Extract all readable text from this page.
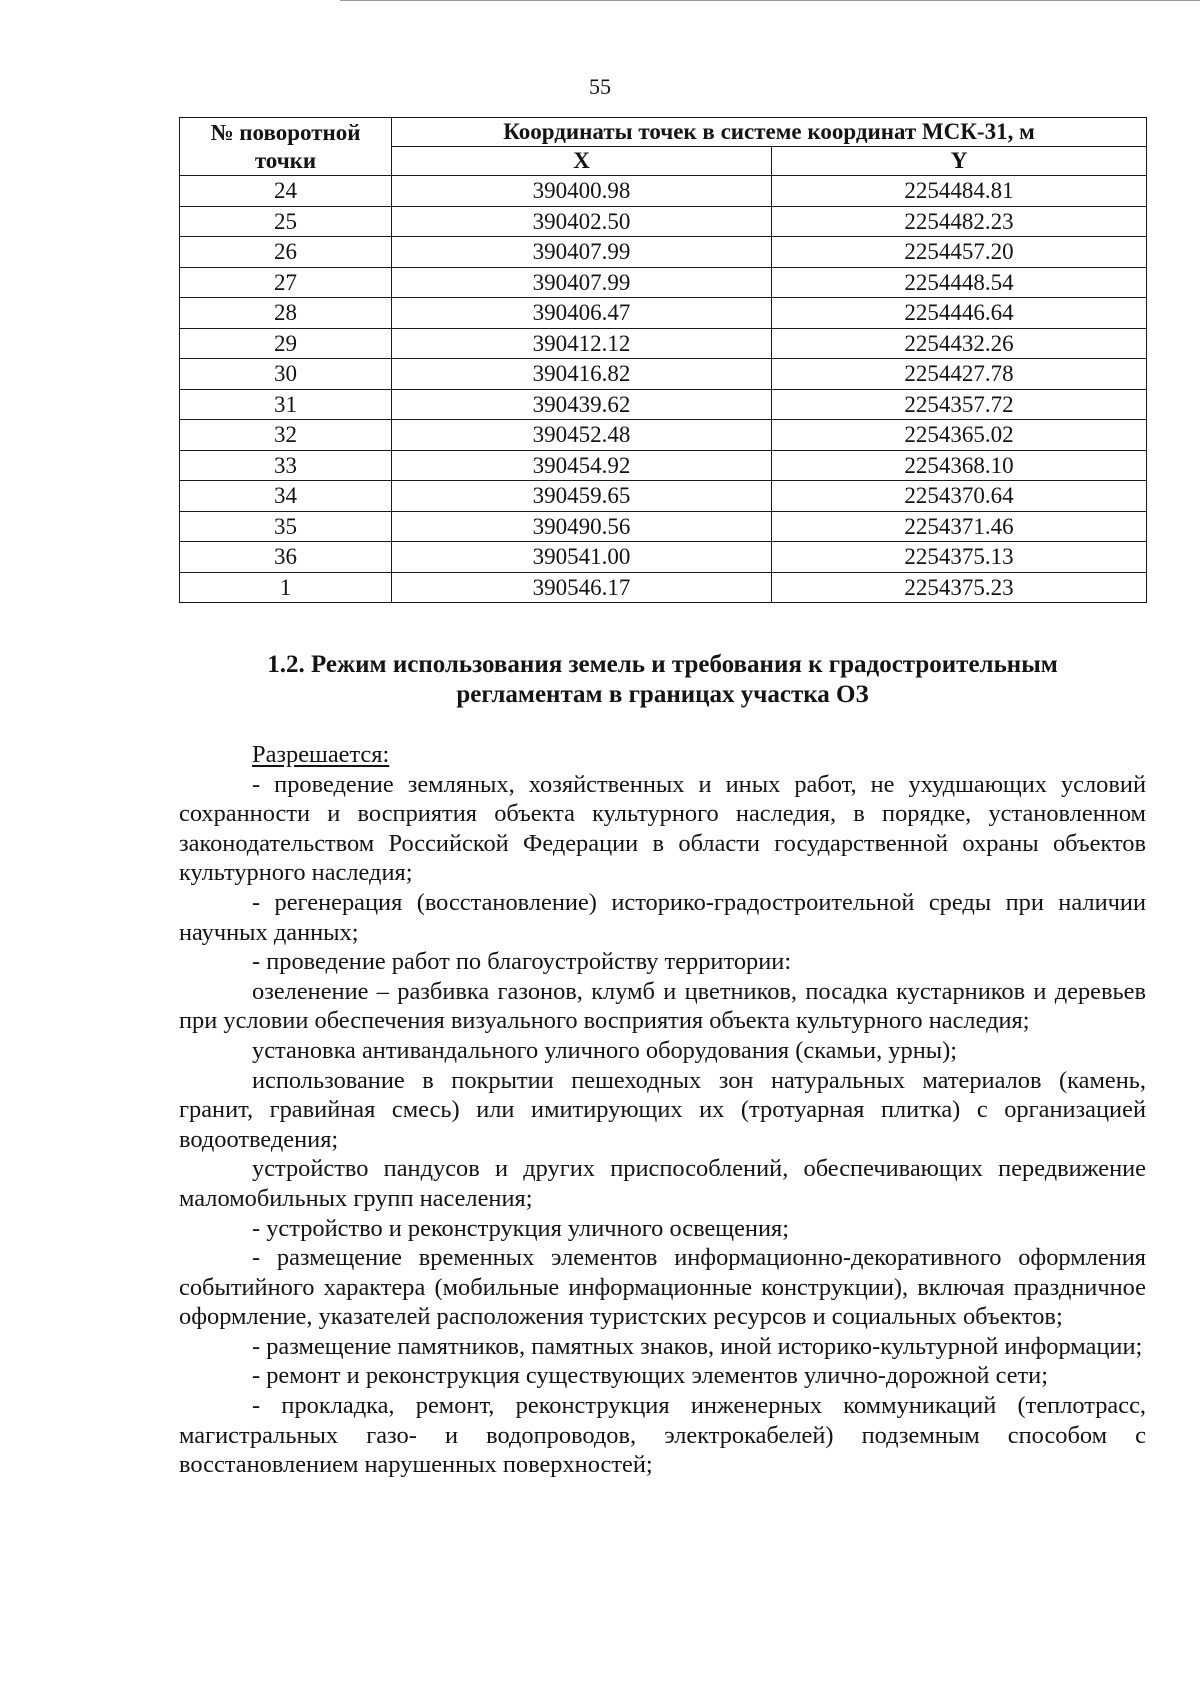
55
№ поворотной точки	Координаты точек в системе координат МСК-31, м	
	X	Y
24	390400.98	2254484.81
25	390402.50	2254482.23
26	390407.99	2254457.20
27	390407.99	2254448.54
28	390406.47	2254446.64
29	390412.12	2254432.26
30	390416.82	2254427.78
31	390439.62	2254357.72
32	390452.48	2254365.02
33	390454.92	2254368.10
34	390459.65	2254370.64
35	390490.56	2254371.46
36	390541.00	2254375.13
1	390546.17	2254375.23
1.2. Режим использования земель и требования к градостроительным
регламентам в границах участка ОЗ

Разрешается:

- проведение земляных, хозяйственных и иных работ, не ухудшающих условий сохранности и восприятия объекта культурного наследия, в порядке, установленном законодательством Российской Федерации в области государственной охраны объектов культурного наследия;

- регенерация (восстановление) историко-градостроительной среды при наличии научных данных;

- проведение работ по благоустройству территории:

озеленение – разбивка газонов, клумб и цветников, посадка кустарников и деревьев при условии обеспечения визуального восприятия объекта культурного наследия;

установка антивандального уличного оборудования (скамьи, урны);

использование в покрытии пешеходных зон натуральных материалов (камень, гранит, гравийная смесь) или имитирующих их (тротуарная плитка) с организацией водоотведения;

устройство пандусов и других приспособлений, обеспечивающих передвижение маломобильных групп населения;

- устройство и реконструкция уличного освещения;

- размещение временных элементов информационно-декоративного оформления событийного характера (мобильные информационные конструкции), включая праздничное оформление, указателей расположения туристских ресурсов и социальных объектов;

- размещение памятников, памятных знаков, иной историко-культурной информации;

- ремонт и реконструкция существующих элементов улично-дорожной сети;

- прокладка, ремонт, реконструкция инженерных коммуникаций (теплотрасс, магистральных газо- и водопроводов, электрокабелей) подземным способом с восстановлением нарушенных поверхностей;
